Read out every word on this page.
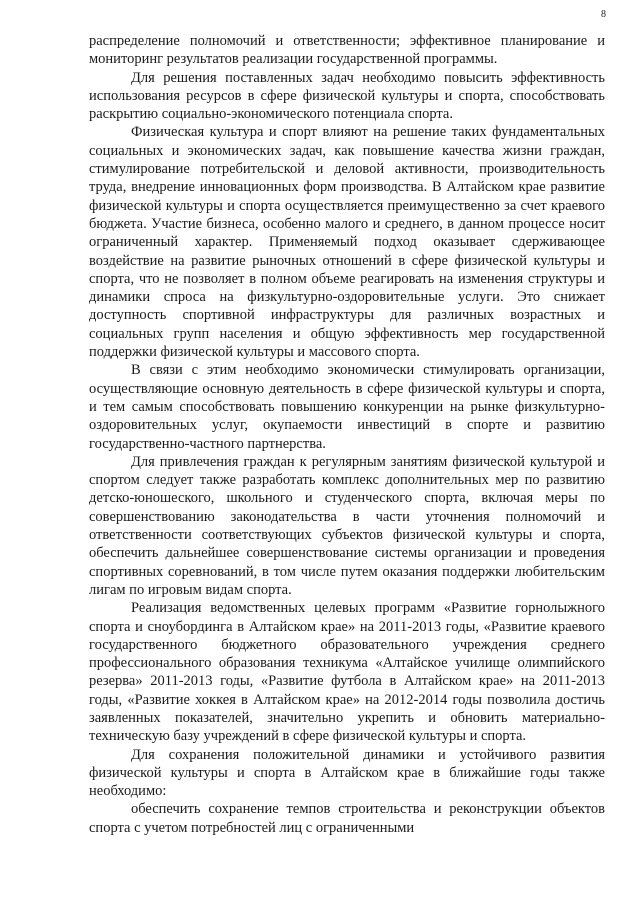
8

распределение полномочий и ответственности; эффективное планирование и мониторинг результатов реализации государственной программы.

Для решения поставленных задач необходимо повысить эффективность использования ресурсов в сфере физической культуры и спорта, способствовать раскрытию социально-экономического потенциала спорта.

Физическая культура и спорт влияют на решение таких фундаментальных социальных и экономических задач, как повышение качества жизни граждан, стимулирование потребительской и деловой активности, производительность труда, внедрение инновационных форм производства. В Алтайском крае развитие физической культуры и спорта осуществляется преимущественно за счет краевого бюджета. Участие бизнеса, особенно малого и среднего, в данном процессе носит ограниченный характер. Применяемый подход оказывает сдерживающее воздействие на развитие рыночных отношений в сфере физической культуры и спорта, что не позволяет в полном объеме реагировать на изменения структуры и динамики спроса на физкультурно-оздоровительные услуги. Это снижает доступность спортивной инфраструктуры для различных возрастных и социальных групп населения и общую эффективность мер государственной поддержки физической культуры и массового спорта.

В связи с этим необходимо экономически стимулировать организации, осуществляющие основную деятельность в сфере физической культуры и спорта, и тем самым способствовать повышению конкуренции на рынке физкультурно-оздоровительных услуг, окупаемости инвестиций в спорте и развитию государственно-частного партнерства.

Для привлечения граждан к регулярным занятиям физической культурой и спортом следует также разработать комплекс дополнительных мер по развитию детско-юношеского, школьного и студенческого спорта, включая меры по совершенствованию законодательства в части уточнения полномочий и ответственности соответствующих субъектов физической культуры и спорта, обеспечить дальнейшее совершенствование системы организации и проведения спортивных соревнований, в том числе путем оказания поддержки любительским лигам по игровым видам спорта.

Реализация ведомственных целевых программ «Развитие горнолыжного спорта и сноубординга в Алтайском крае» на 2011-2013 годы, «Развитие краевого государственного бюджетного образовательного учреждения среднего профессионального образования техникума «Алтайское училище олимпийского резерва» 2011-2013 годы, «Развитие футбола в Алтайском крае» на 2011-2013 годы, «Развитие хоккея в Алтайском крае» на 2012-2014 годы позволила достичь заявленных показателей, значительно укрепить и обновить материально-техническую базу учреждений в сфере физической культуры и спорта.

Для сохранения положительной динамики и устойчивого развития физической культуры и спорта в Алтайском крае в ближайшие годы также необходимо:

обеспечить сохранение темпов строительства и реконструкции объектов спорта с учетом потребностей лиц с ограниченными
